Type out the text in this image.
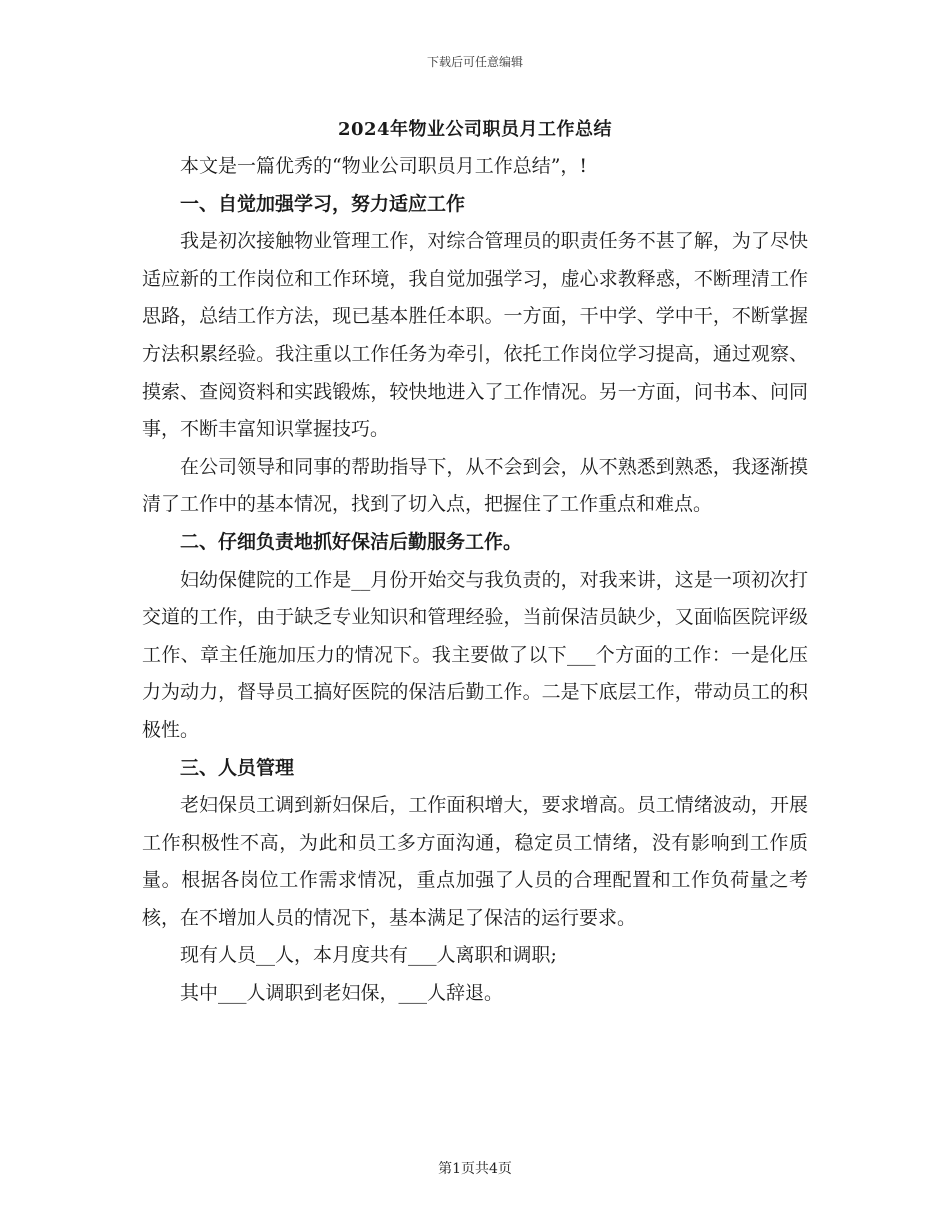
下载后可任意编辑
2024年物业公司职员月工作总结

本文是一篇优秀的“物业公司职员月工作总结”，!

一、自觉加强学习，努力适应工作

我是初次接触物业管理工作，对综合管理员的职责任务不甚了解，为了尽快适应新的工作岗位和工作环境，我自觉加强学习，虚心求教释惑，不断理清工作思路，总结工作方法，现已基本胜任本职。一方面，干中学、学中干，不断掌握方法积累经验。我注重以工作任务为牵引，依托工作岗位学习提高，通过观察、摸索、查阅资料和实践锻炼，较快地进入了工作情况。另一方面，问书本、问同事，不断丰富知识掌握技巧。

在公司领导和同事的帮助指导下，从不会到会，从不熟悉到熟悉，我逐渐摸清了工作中的基本情况，找到了切入点，把握住了工作重点和难点。

二、仔细负责地抓好保洁后勤服务工作。

妇幼保健院的工作是__月份开始交与我负责的，对我来讲，这是一项初次打交道的工作，由于缺乏专业知识和管理经验，当前保洁员缺少，又面临医院评级工作、章主任施加压力的情况下。我主要做了以下___个方面的工作：一是化压力为动力，督导员工搞好医院的保洁后勤工作。二是下底层工作，带动员工的积极性。

三、人员管理

老妇保员工调到新妇保后，工作面积增大，要求增高。员工情绪波动，开展工作积极性不高，为此和员工多方面沟通，稳定员工情绪，没有影响到工作质量。根据各岗位工作需求情况，重点加强了人员的合理配置和工作负荷量之考核，在不增加人员的情况下，基本满足了保洁的运行要求。

现有人员__人，本月度共有___人离职和调职;

其中___人调职到老妇保，___人辞退。

第1页共4页
